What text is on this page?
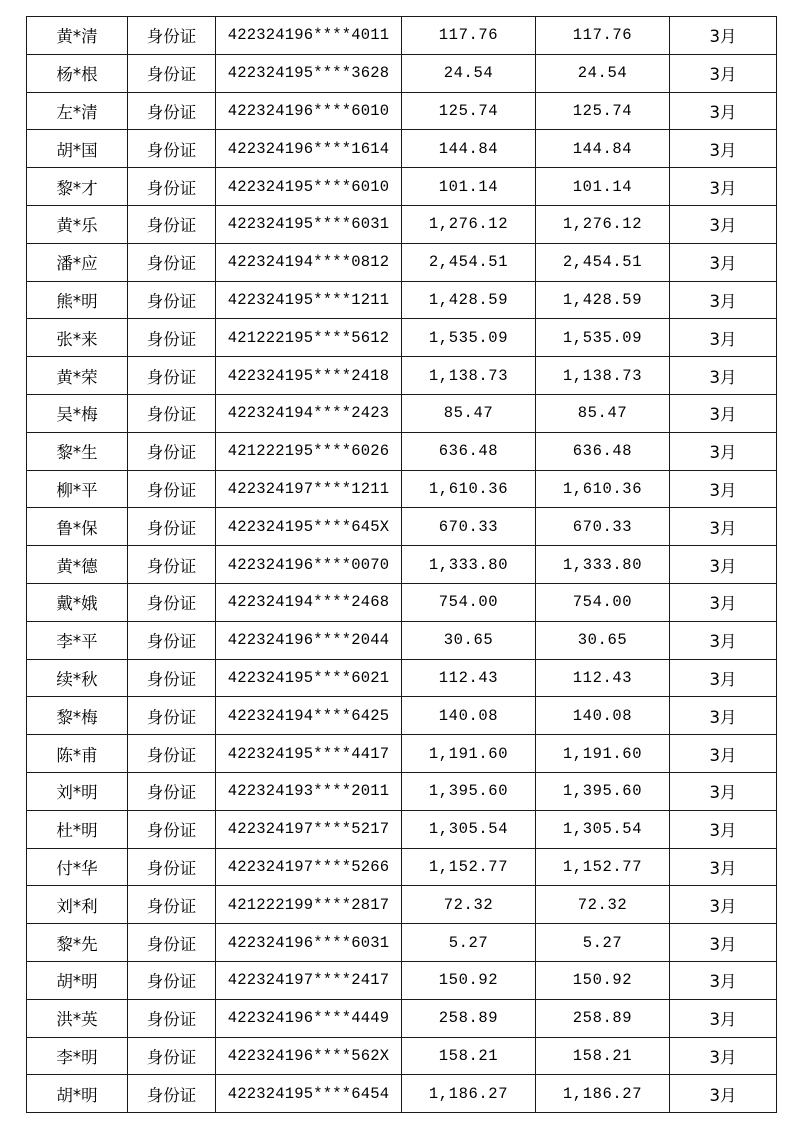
黄*清	身份证	422324196****4011	117.76	117.76	3月
杨*根	身份证	422324195****3628	24.54	24.54	3月
左*清	身份证	422324196****6010	125.74	125.74	3月
胡*国	身份证	422324196****1614	144.84	144.84	3月
黎*才	身份证	422324195****6010	101.14	101.14	3月
黄*乐	身份证	422324195****6031	1,276.12	1,276.12	3月
潘*应	身份证	422324194****0812	2,454.51	2,454.51	3月
熊*明	身份证	422324195****1211	1,428.59	1,428.59	3月
张*来	身份证	421222195****5612	1,535.09	1,535.09	3月
黄*荣	身份证	422324195****2418	1,138.73	1,138.73	3月
吴*梅	身份证	422324194****2423	85.47	85.47	3月
黎*生	身份证	421222195****6026	636.48	636.48	3月
柳*平	身份证	422324197****1211	1,610.36	1,610.36	3月
鲁*保	身份证	422324195****645X	670.33	670.33	3月
黄*德	身份证	422324196****0070	1,333.80	1,333.80	3月
戴*娥	身份证	422324194****2468	754.00	754.00	3月
李*平	身份证	422324196****2044	30.65	30.65	3月
续*秋	身份证	422324195****6021	112.43	112.43	3月
黎*梅	身份证	422324194****6425	140.08	140.08	3月
陈*甫	身份证	422324195****4417	1,191.60	1,191.60	3月
刘*明	身份证	422324193****2011	1,395.60	1,395.60	3月
杜*明	身份证	422324197****5217	1,305.54	1,305.54	3月
付*华	身份证	422324197****5266	1,152.77	1,152.77	3月
刘*利	身份证	421222199****2817	72.32	72.32	3月
黎*先	身份证	422324196****6031	5.27	5.27	3月
胡*明	身份证	422324197****2417	150.92	150.92	3月
洪*英	身份证	422324196****4449	258.89	258.89	3月
李*明	身份证	422324196****562X	158.21	158.21	3月
胡*明	身份证	422324195****6454	1,186.27	1,186.27	3月
